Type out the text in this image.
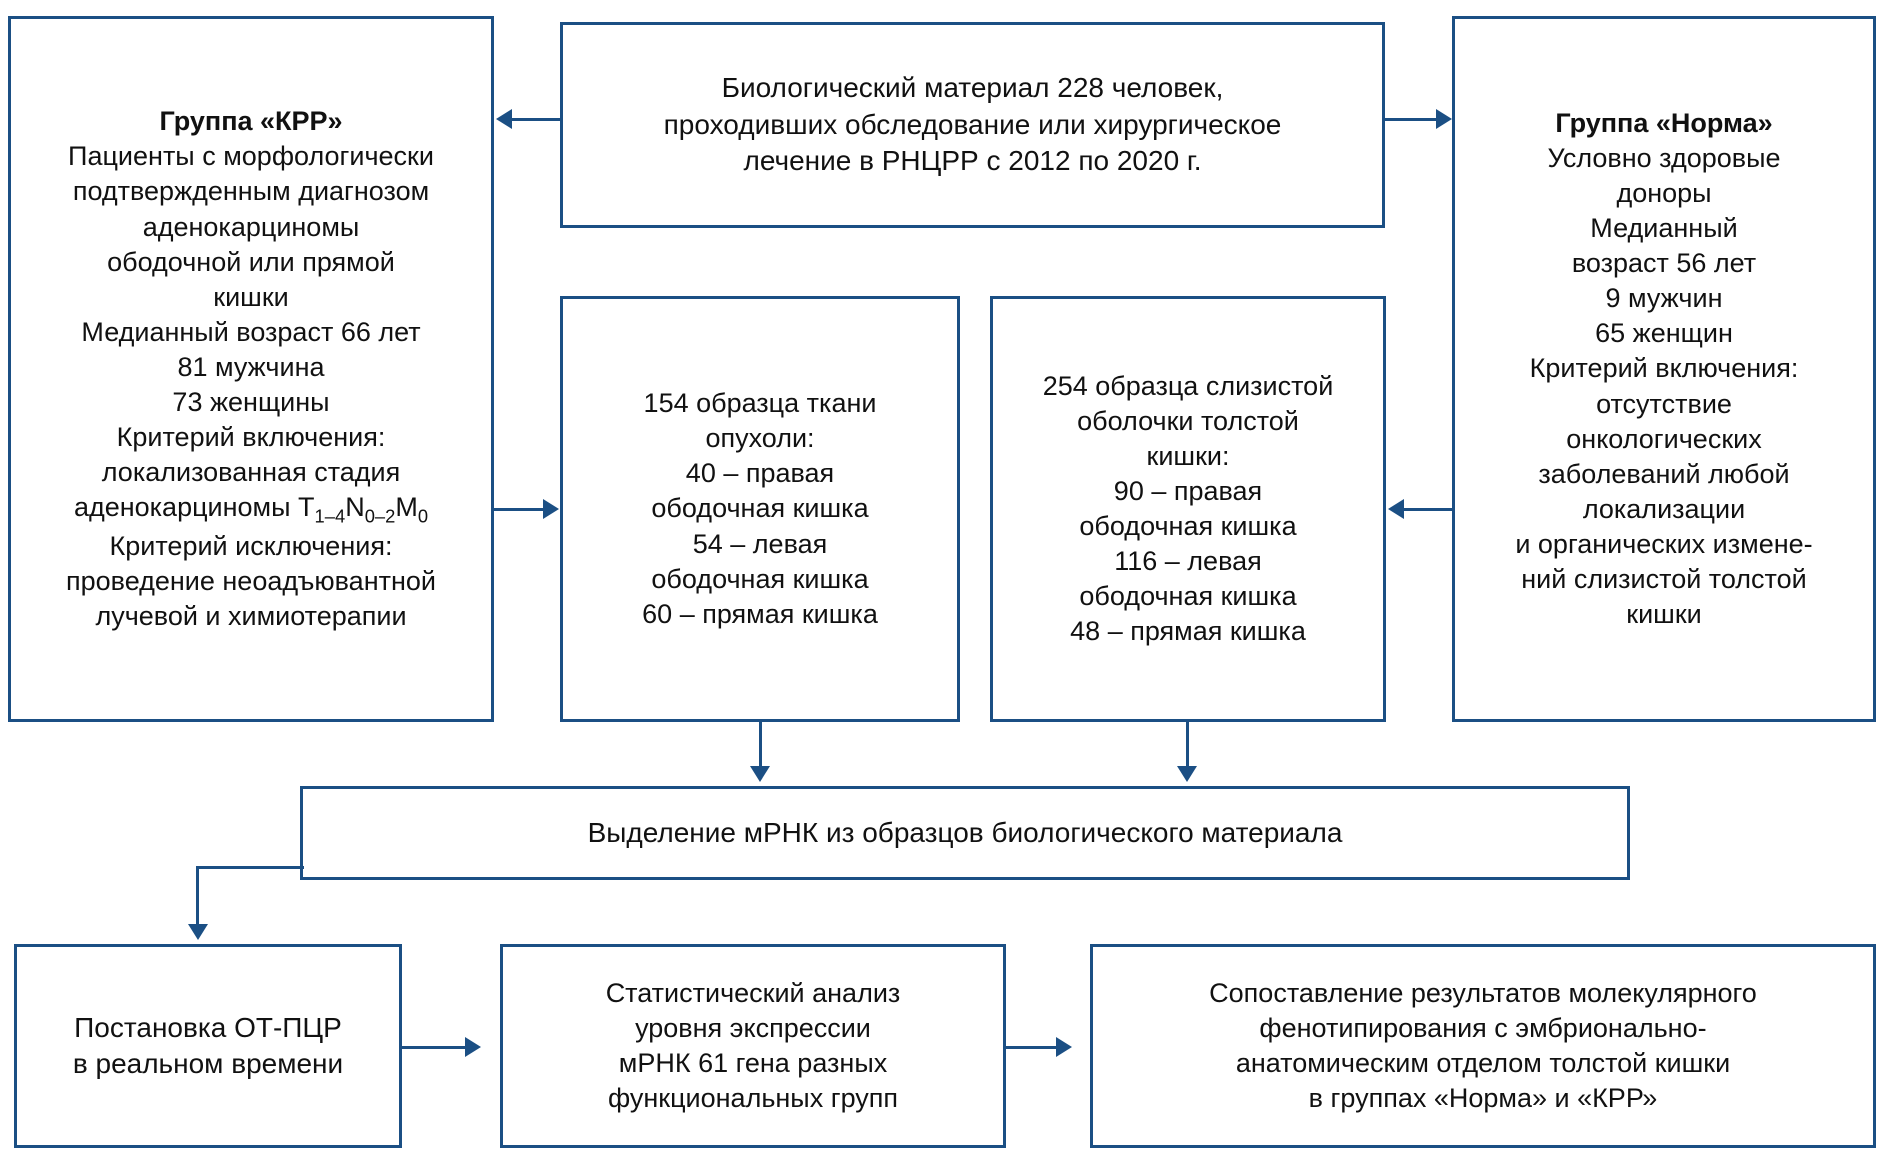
Биологический материал 228 человек,
проходивших обследование или хирургическое
лечение в РНЦРР с 2012 по 2020 г.
Группа «КРР»
Пациенты с морфологически
подтвержденным диагнозом
аденокарциномы
ободочной или прямой
кишки
Медианный возраст 66 лет
81 мужчина
73 женщины
Критерий включения:
локализованная стадия
аденокарциномы $T_{1-4}N_{0-2}M_0$
Критерий исключения:
проведение неоадъювантной
лучевой и химиотерапии
Группа «Норма»
Условно здоровые
доноры
Медианный
возраст 56 лет
9 мужчин
65 женщин
Критерий включения:
отсутствие
онкологических
заболеваний любой
локализации
и органических измене-
ний слизистой толстой
кишки
154 образца ткани
опухоли:
40 – правая
ободочная кишка
54 – левая
ободочная кишка
60 – прямая кишка
254 образца слизистой
оболочки толстой
кишки:
90 – правая
ободочная кишка
116 – левая
ободочная кишка
48 – прямая кишка
Выделение мРНК из образцов биологического материала
Постановка ОТ-ПЦР
в реальном времени
Статистический анализ
уровня экспрессии
мРНК 61 гена разных
функциональных групп
Сопоставление результатов молекулярного
фенотипирования с эмбрионально-
анатомическим отделом толстой кишки
в группах «Норма» и «КРР»
